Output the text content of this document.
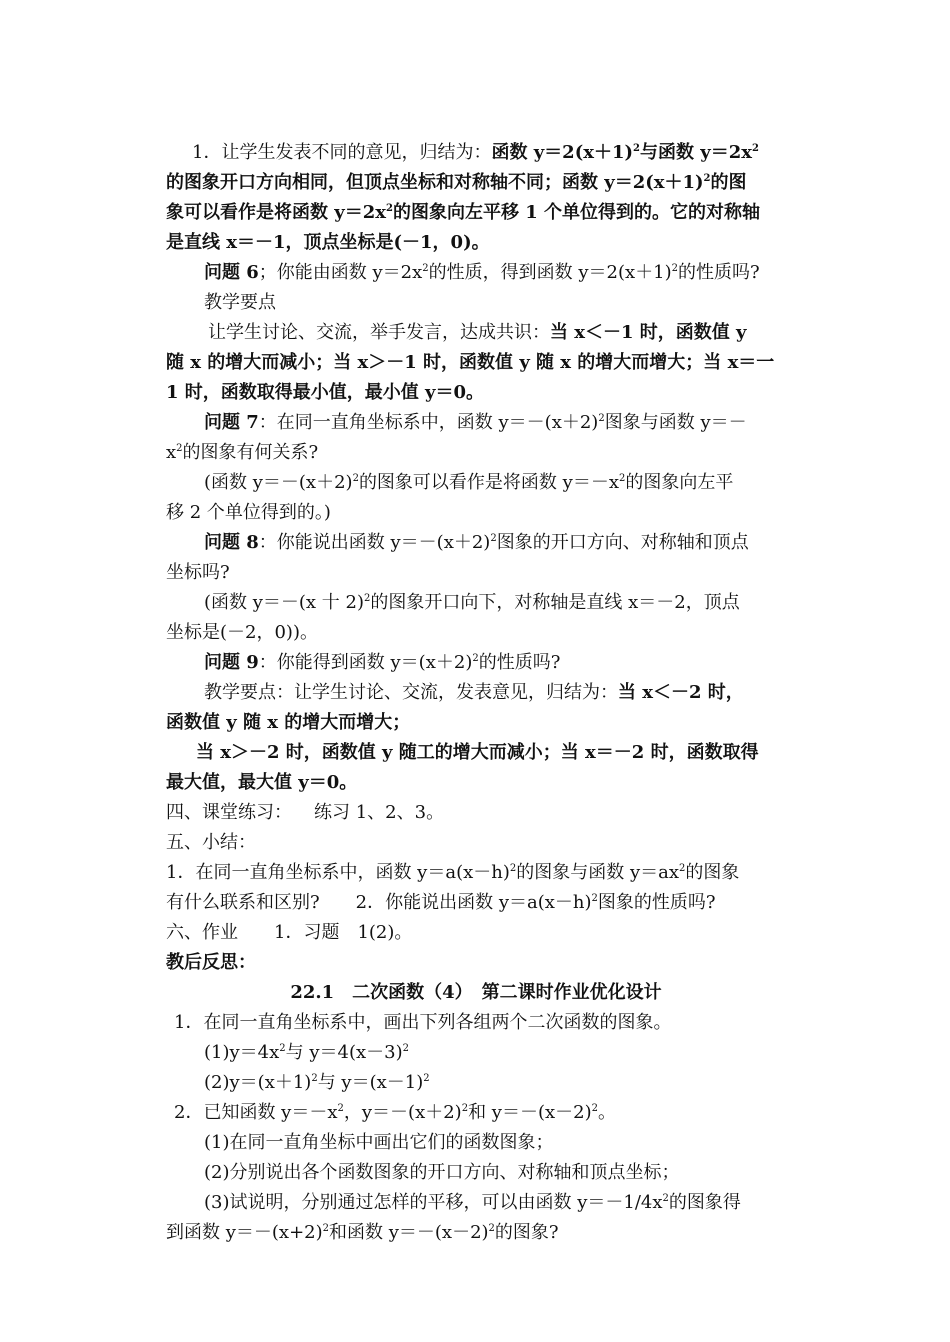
1．让学生发表不同的意见，归结为：函数 $y=2(x+1)^2$与函数 $y=2x^2$
的图象开口方向相同，但顶点坐标和对称轴不同；函数 $y=2(x+1)^2$的图
象可以看作是将函数 $y=2x^2$的图象向左平移 1 个单位得到的。它的对称轴
是直线 x＝－1，顶点坐标是(－1，0)。
问题 6；你能由函数 $y=2x^2$的性质，得到函数 $y=2(x+1)^2$的性质吗?
教学要点
让学生讨论、交流，举手发言，达成共识：当 x＜－1 时，函数值 y
随 x 的增大而减小；当 x＞－1 时，函数值 y 随 x 的增大而增大；当 x＝一
1 时，函数取得最小值，最小值 y＝0。
问题 7：在同一直角坐标系中，函数 $y=-(x+2)^2$图象与函数 y＝－
$x^2$的图象有何关系?
(函数 $y=-(x+2)^2$的图象可以看作是将函数 $y=-x^2$的图象向左平
移 2 个单位得到的。)
问题 8：你能说出函数 $y=-(x+2)^2$图象的开口方向、对称轴和顶点
坐标吗?
(函数 y＝－(x 十 2)$^2$的图象开口向下，对称轴是直线 x＝－2，顶点
坐标是(－2，0))。
问题 9：你能得到函数 $y=(x+2)^2$的性质吗?
教学要点：让学生讨论、交流，发表意见，归结为：当 x＜－2 时，
函数值 y 随 x 的增大而增大；
当 x＞－2 时，函数值 y 随工的增大而减小；当 x＝－2 时，函数取得
最大值，最大值 y＝0。
四、课堂练习： 练习 1、2、3。
五、小结：
1．在同一直角坐标系中，函数 $y=a(x-h)^2$的图象与函数 $y=ax^2$的图象
有什么联系和区别? 2．你能说出函数 $y=a(x-h)^2$图象的性质吗?
六、作业 1．习题　1(2)。
教后反思：
22.1　二次函数（4）　第二课时作业优化设计
1．在同一直角坐标系中，画出下列各组两个二次函数的图象。
$(1)y=4x^2$与 $y=4(x-3)^2$
$(2)y=(x+1)^2$与 $y=(x-1)^2$
2．已知函数 $y=-x^2$，$y=-(x+2)^2$和 $y=-(x-2)^2$。
(1)在同一直角坐标中画出它们的函数图象；
(2)分别说出各个函数图象的开口方向、对称轴和顶点坐标；
(3)试说明，分别通过怎样的平移，可以由函数 $y=-1/4x^2$的图象得
到函数 $y=-(x+2)^2$和函数 $y=-(x-2)^2$的图象?
